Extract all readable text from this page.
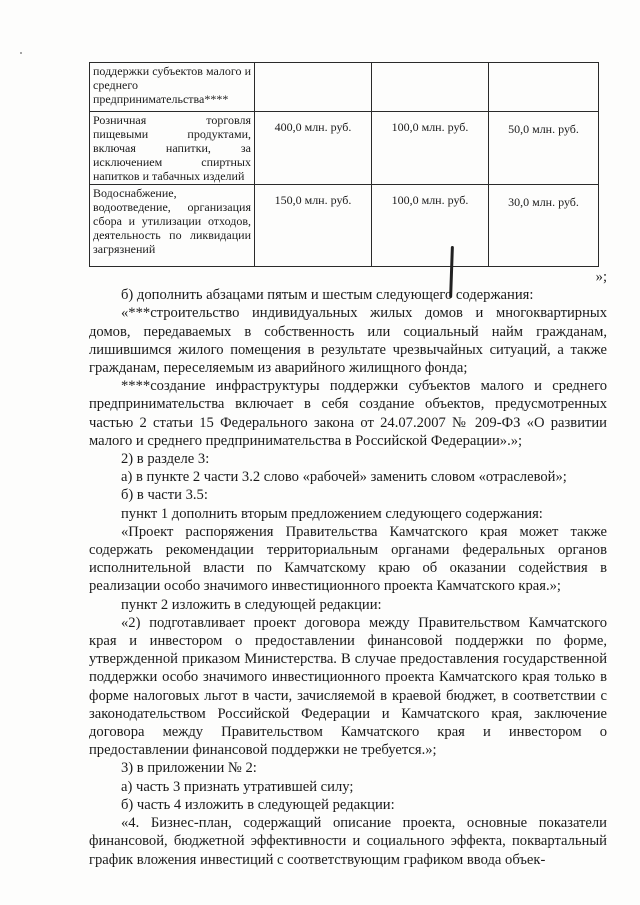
поддержки субъектов малого и среднего предпринимательства****			
Розничная торговля пищевыми продуктами, включая напитки, за исключением спиртных напитков и табачных изделий	400,0 млн. руб.	100,0 млн. руб.	50,0 млн. руб.
Водоснабжение, водоотведение, организация сбора и утилизации отходов, деятельность по ликвидации загрязнений	150,0 млн. руб.	100,0 млн. руб.	30,0 млн. руб.

»;

б) дополнить абзацами пятым и шестым следующего содержания:

«***строительство индивидуальных жилых домов и многоквартирных домов, передаваемых в собственность или социальный найм гражданам, лишившимся жилого помещения в результате чрезвычайных ситуаций, а также гражданам, переселяемым из аварийного жилищного фонда;

****создание инфраструктуры поддержки субъектов малого и среднего предпринимательства включает в себя создание объектов, предусмотренных частью 2 статьи 15 Федерального закона от 24.07.2007 № 209-ФЗ «О развитии малого и среднего предпринимательства в Российской Федерации».»;

2) в разделе 3:

а) в пункте 2 части 3.2 слово «рабочей» заменить словом «отраслевой»;

б) в части 3.5:

пункт 1 дополнить вторым предложением следующего содержания:

«Проект распоряжения Правительства Камчатского края может также содержать рекомендации территориальным органами федеральных органов исполнительной власти по Камчатскому краю об оказании содействия в реализации особо значимого инвестиционного проекта Камчатского края.»;

пункт 2 изложить в следующей редакции:

«2) подготавливает проект договора между Правительством Камчатского края и инвестором о предоставлении финансовой поддержки по форме, утвержденной приказом Министерства. В случае предоставления государственной поддержки особо значимого инвестиционного проекта Камчатского края только в форме налоговых льгот в части, зачисляемой в краевой бюджет, в соответствии с законодательством Российской Федерации и Камчатского края, заключение договора между Правительством Камчатского края и инвестором о предоставлении финансовой поддержки не требуется.»;

3) в приложении № 2:

а) часть 3 признать утратившей силу;

б) часть 4 изложить в следующей редакции:

«4. Бизнес-план, содержащий описание проекта, основные показатели финансовой, бюджетной эффективности и социального эффекта, поквартальный график вложения инвестиций с соответствующим графиком ввода объек-
